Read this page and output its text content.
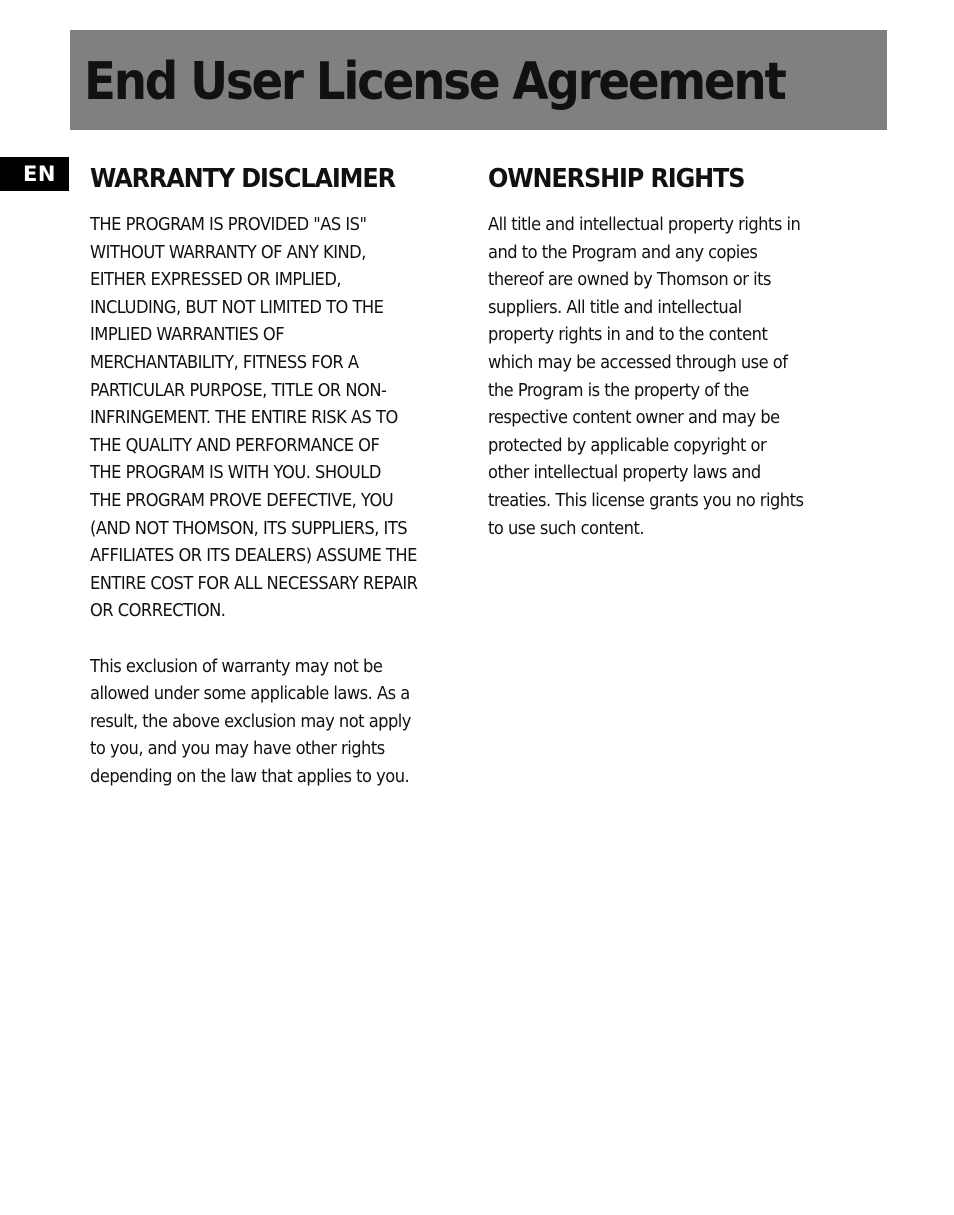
End User License Agreement
EN	WARRANTY DISCLAIMER

THE PROGRAM IS PROVIDED "AS IS"
WITHOUT WARRANTY OF ANY KIND,
EITHER EXPRESSED OR IMPLIED,
INCLUDING, BUT NOT LIMITED TO THE
IMPLIED WARRANTIES OF
MERCHANTABILITY, FITNESS FOR A
PARTICULAR PURPOSE, TITLE OR NON-
INFRINGEMENT. THE ENTIRE RISK AS TO
THE QUALITY AND PERFORMANCE OF
THE PROGRAM IS WITH YOU. SHOULD
THE PROGRAM PROVE DEFECTIVE, YOU
(AND NOT THOMSON, ITS SUPPLIERS, ITS
AFFILIATES OR ITS DEALERS) ASSUME THE
ENTIRE COST FOR ALL NECESSARY REPAIR
OR CORRECTION.

This exclusion of warranty may not be
allowed under some applicable laws. As a
result, the above exclusion may not apply
to you, and you may have other rights
depending on the law that applies to you.

OWNERSHIP RIGHTS

All title and intellectual property rights in
and to the Program and any copies
thereof are owned by Thomson or its
suppliers. All title and intellectual
property rights in and to the content
which may be accessed through use of
the Program is the property of the
respective content owner and may be
protected by applicable copyright or
other intellectual property laws and
treaties. This license grants you no rights
to use such content.
